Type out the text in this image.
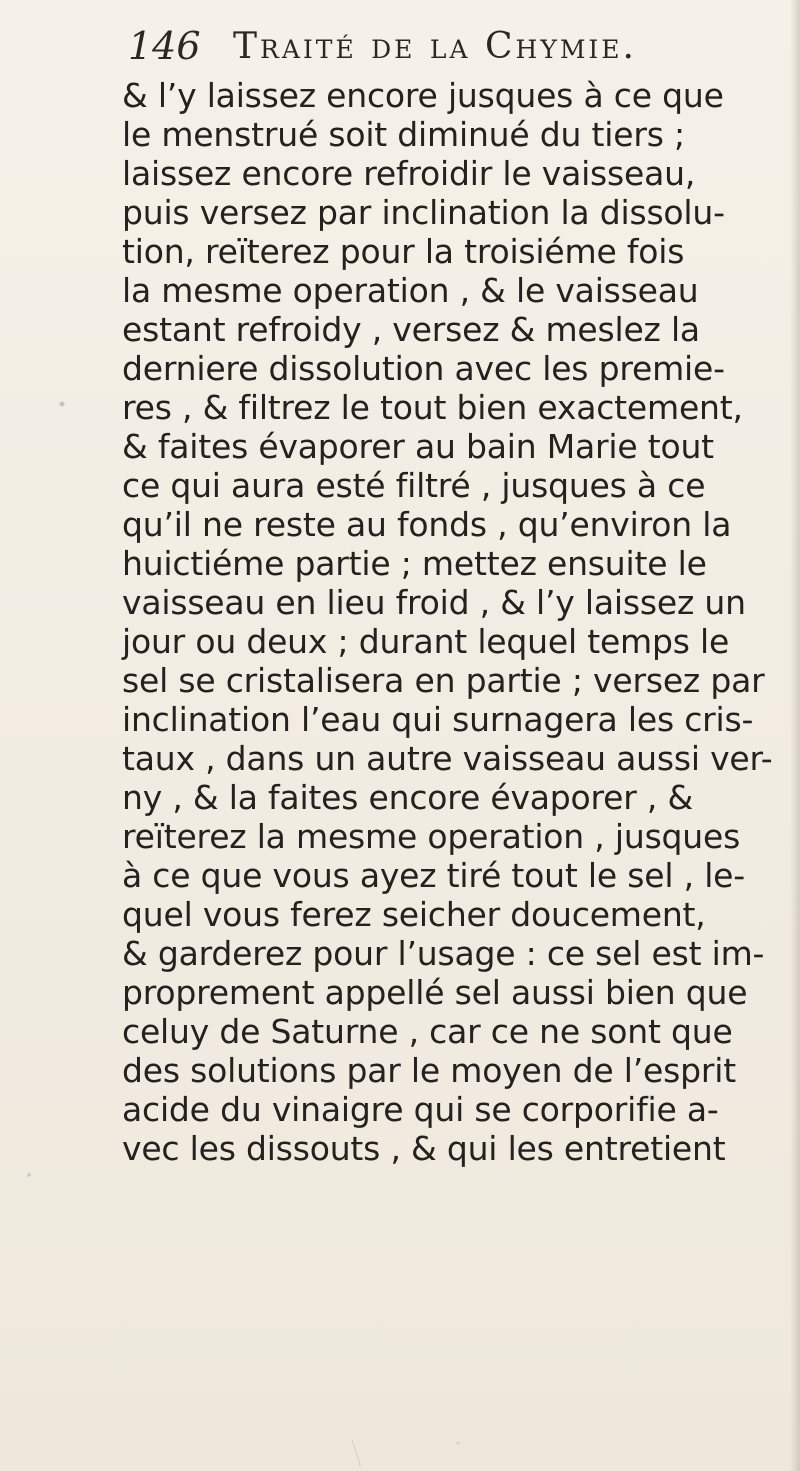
146 Traité de la Chymie.
& l’y laissez encore jusques à ce que
le menstrué soit diminué du tiers ;
laissez encore refroidir le vaisseau,
puis versez par inclination la dissolu-
tion, reïterez pour la troisiéme fois
la mesme operation , & le vaisseau
estant refroidy , versez & meslez la
derniere dissolution avec les premie-
res , & filtrez le tout bien exactement,
& faites évaporer au bain Marie tout
ce qui aura esté filtré , jusques à ce
qu’il ne reste au fonds , qu’environ la
huictiéme partie ; mettez ensuite le
vaisseau en lieu froid , & l’y laissez un
jour ou deux ; durant lequel temps le
sel se cristalisera en partie ; versez par
inclination l’eau qui surnagera les cris-
taux , dans un autre vaisseau aussi ver-
ny , & la faites encore évaporer , &
reïterez la mesme operation , jusques
à ce que vous ayez tiré tout le sel , le-
quel vous ferez seicher doucement,
& garderez pour l’usage : ce sel est im-
proprement appellé sel aussi bien que
celuy de Saturne , car ce ne sont que
des solutions par le moyen de l’esprit
acide du vinaigre qui se corporifie a-
vec les dissouts , & qui les entretient
